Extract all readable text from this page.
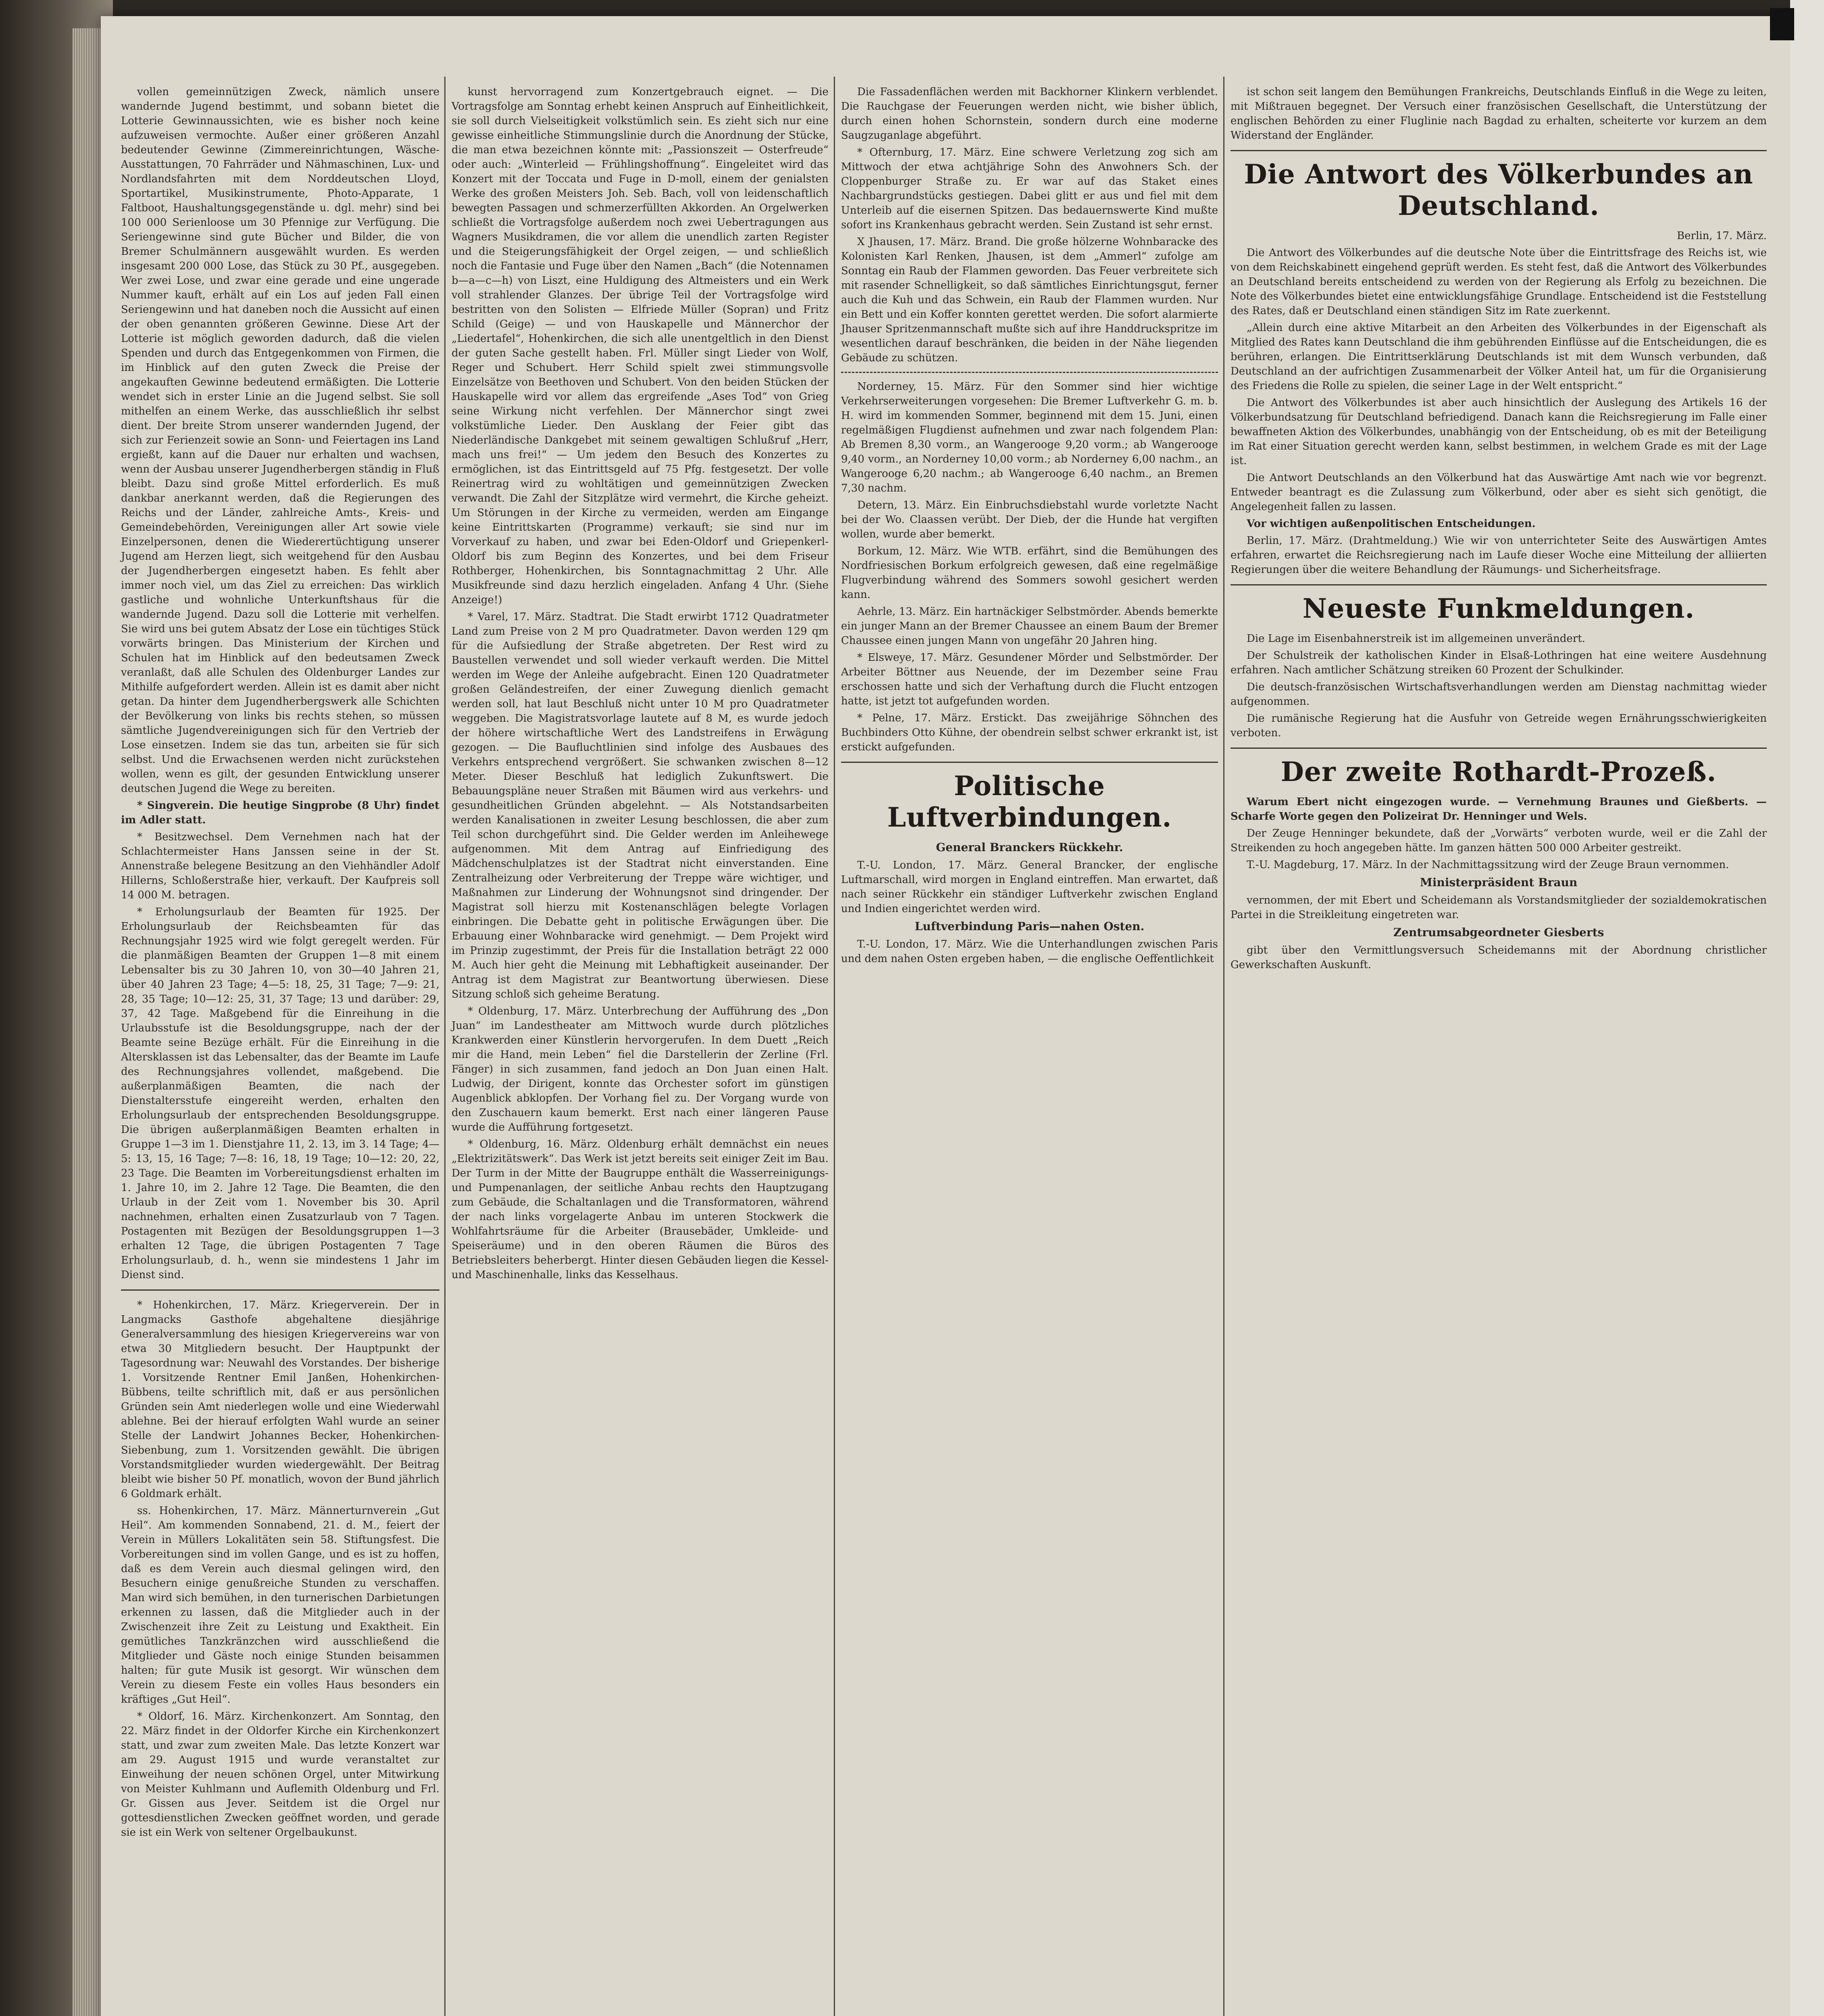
vollen gemeinnützigen Zweck, nämlich unsere wandernde Jugend bestimmt, und sobann bietet die Lotterie Gewinnaussichten, wie es bisher noch keine aufzuweisen vermochte. Außer einer größeren Anzahl bedeutender Gewinne (Zimmereinrichtungen, Wäsche-Ausstattungen, 70 Fahrräder und Nähmaschinen, Lux- und Nordlandsfahrten mit dem Norddeutschen Lloyd, Sportartikel, Musikinstrumente, Photo-Apparate, 1 Faltboot, Haushaltungsgegenstände u. dgl. mehr) sind bei 100 000 Serienloose um 30 Pfennige zur Verfügung. Die Seriengewinne sind gute Bücher und Bilder, die von Bremer Schulmännern ausgewählt wurden. Es werden insgesamt 200 000 Lose, das Stück zu 30 Pf., ausgegeben. Wer zwei Lose, und zwar eine gerade und eine ungerade Nummer kauft, erhält auf ein Los auf jeden Fall einen Seriengewinn und hat daneben noch die Aussicht auf einen der oben genannten größeren Gewinne. Diese Art der Lotterie ist möglich geworden dadurch, daß die vielen Spenden und durch das Entgegenkommen von Firmen, die im Hinblick auf den guten Zweck die Preise der angekauften Gewinne bedeutend ermäßigten. Die Lotterie wendet sich in erster Linie an die Jugend selbst. Sie soll mithelfen an einem Werke, das ausschließlich ihr selbst dient. Der breite Strom unserer wandernden Jugend, der sich zur Ferienzeit sowie an Sonn- und Feiertagen ins Land ergießt, kann auf die Dauer nur erhalten und wachsen, wenn der Ausbau unserer Jugendherbergen ständig in Fluß bleibt. Dazu sind große Mittel erforderlich. Es muß dankbar anerkannt werden, daß die Regierungen des Reichs und der Länder, zahlreiche Amts-, Kreis- und Gemeindebehörden, Vereinigungen aller Art sowie viele Einzelpersonen, denen die Wiederertüchtigung unserer Jugend am Herzen liegt, sich weitgehend für den Ausbau der Jugendherbergen eingesetzt haben. Es fehlt aber immer noch viel, um das Ziel zu erreichen: Das wirklich gastliche und wohnliche Unterkunftshaus für die wandernde Jugend. Dazu soll die Lotterie mit verhelfen. Sie wird uns bei gutem Absatz der Lose ein tüchtiges Stück vorwärts bringen. Das Ministerium der Kirchen und Schulen hat im Hinblick auf den bedeutsamen Zweck veranlaßt, daß alle Schulen des Oldenburger Landes zur Mithilfe aufgefordert werden. Allein ist es damit aber nicht getan. Da hinter dem Jugendherbergswerk alle Schichten der Bevölkerung von links bis rechts stehen, so müssen sämtliche Jugendvereinigungen sich für den Vertrieb der Lose einsetzen. Indem sie das tun, arbeiten sie für sich selbst. Und die Erwachsenen werden nicht zurückstehen wollen, wenn es gilt, der gesunden Entwicklung unserer deutschen Jugend die Wege zu bereiten.

* Singverein. Die heutige Singprobe (8 Uhr) findet im Adler statt.

* Besitzwechsel. Dem Vernehmen nach hat der Schlachtermeister Hans Janssen seine in der St. Annenstraße belegene Besitzung an den Viehhändler Adolf Hillerns, Schloßerstraße hier, verkauft. Der Kaufpreis soll 14 000 M. betragen.

* Erholungsurlaub der Beamten für 1925. Der Erholungsurlaub der Reichsbeamten für das Rechnungsjahr 1925 wird wie folgt geregelt werden. Für die planmäßigen Beamten der Gruppen 1—8 mit einem Lebensalter bis zu 30 Jahren 10, von 30—40 Jahren 21, über 40 Jahren 23 Tage; 4—5: 18, 25, 31 Tage; 7—9: 21, 28, 35 Tage; 10—12: 25, 31, 37 Tage; 13 und darüber: 29, 37, 42 Tage. Maßgebend für die Einreihung in die Urlaubsstufe ist die Besoldungsgruppe, nach der der Beamte seine Bezüge erhält. Für die Einreihung in die Altersklassen ist das Lebensalter, das der Beamte im Laufe des Rechnungsjahres vollendet, maßgebend. Die außerplanmäßigen Beamten, die nach der Dienstaltersstufe eingereiht werden, erhalten den Erholungsurlaub der entsprechenden Besoldungsgruppe. Die übrigen außerplanmäßigen Beamten erhalten in Gruppe 1—3 im 1. Dienstjahre 11, 2. 13, im 3. 14 Tage; 4—5: 13, 15, 16 Tage; 7—8: 16, 18, 19 Tage; 10—12: 20, 22, 23 Tage. Die Beamten im Vorbereitungsdienst erhalten im 1. Jahre 10, im 2. Jahre 12 Tage. Die Beamten, die den Urlaub in der Zeit vom 1. November bis 30. April nachnehmen, erhalten einen Zusatzurlaub von 7 Tagen. Postagenten mit Bezügen der Besoldungsgruppen 1—3 erhalten 12 Tage, die übrigen Postagenten 7 Tage Erholungsurlaub, d. h., wenn sie mindestens 1 Jahr im Dienst sind.

* Hohenkirchen, 17. März. Kriegerverein. Der in Langmacks Gasthofe abgehaltene diesjährige Generalversammlung des hiesigen Kriegervereins war von etwa 30 Mitgliedern besucht. Der Hauptpunkt der Tagesordnung war: Neuwahl des Vorstandes. Der bisherige 1. Vorsitzende Rentner Emil Janßen, Hohenkirchen-Bübbens, teilte schriftlich mit, daß er aus persönlichen Gründen sein Amt niederlegen wolle und eine Wiederwahl ablehne. Bei der hierauf erfolgten Wahl wurde an seiner Stelle der Landwirt Johannes Becker, Hohenkirchen-Siebenbung, zum 1. Vorsitzenden gewählt. Die übrigen Vorstandsmitglieder wurden wiedergewählt. Der Beitrag bleibt wie bisher 50 Pf. monatlich, wovon der Bund jährlich 6 Goldmark erhält.

ss. Hohenkirchen, 17. März. Männerturnverein „Gut Heil“. Am kommenden Sonnabend, 21. d. M., feiert der Verein in Müllers Lokalitäten sein 58. Stiftungsfest. Die Vorbereitungen sind im vollen Gange, und es ist zu hoffen, daß es dem Verein auch diesmal gelingen wird, den Besuchern einige genußreiche Stunden zu verschaffen. Man wird sich bemühen, in den turnerischen Darbietungen erkennen zu lassen, daß die Mitglieder auch in der Zwischenzeit ihre Zeit zu Leistung und Exaktheit. Ein gemütliches Tanzkränzchen wird ausschließend die Mitglieder und Gäste noch einige Stunden beisammen halten; für gute Musik ist gesorgt. Wir wünschen dem Verein zu diesem Feste ein volles Haus besonders ein kräftiges „Gut Heil“.

* Oldorf, 16. März. Kirchenkonzert. Am Sonntag, den 22. März findet in der Oldorfer Kirche ein Kirchenkonzert statt, und zwar zum zweiten Male. Das letzte Konzert war am 29. August 1915 und wurde veranstaltet zur Einweihung der neuen schönen Orgel, unter Mitwirkung von Meister Kuhlmann und Auflemith Oldenburg und Frl. Gr. Gissen aus Jever. Seitdem ist die Orgel nur gottesdienstlichen Zwecken geöffnet worden, und gerade sie ist ein Werk von seltener Orgelbaukunst.

kunst hervorragend zum Konzertgebrauch eignet. — Die Vortragsfolge am Sonntag erhebt keinen Anspruch auf Einheitlichkeit, sie soll durch Vielseitigkeit volkstümlich sein. Es zieht sich nur eine gewisse einheitliche Stimmungslinie durch die Anordnung der Stücke, die man etwa bezeichnen könnte mit: „Passionszeit — Osterfreude“ oder auch: „Winterleid — Frühlingshoffnung“. Eingeleitet wird das Konzert mit der Toccata und Fuge in D-moll, einem der genialsten Werke des großen Meisters Joh. Seb. Bach, voll von leidenschaftlich bewegten Passagen und schmerzerfüllten Akkorden. An Orgelwerken schließt die Vortragsfolge außerdem noch zwei Uebertragungen aus Wagners Musikdramen, die vor allem die unendlich zarten Register und die Steigerungsfähigkeit der Orgel zeigen, — und schließlich noch die Fantasie und Fuge über den Namen „Bach“ (die Notennamen b—a—c—h) von Liszt, eine Huldigung des Altmeisters und ein Werk voll strahlender Glanzes. Der übrige Teil der Vortragsfolge wird bestritten von den Solisten — Elfriede Müller (Sopran) und Fritz Schild (Geige) — und von Hauskapelle und Männerchor der „Liedertafel“, Hohenkirchen, die sich alle unentgeltlich in den Dienst der guten Sache gestellt haben. Frl. Müller singt Lieder von Wolf, Reger und Schubert. Herr Schild spielt zwei stimmungsvolle Einzelsätze von Beethoven und Schubert. Von den beiden Stücken der Hauskapelle wird vor allem das ergreifende „Ases Tod“ von Grieg seine Wirkung nicht verfehlen. Der Männerchor singt zwei volkstümliche Lieder. Den Ausklang der Feier gibt das Niederländische Dankgebet mit seinem gewaltigen Schlußruf „Herr, mach uns frei!“ — Um jedem den Besuch des Konzertes zu ermöglichen, ist das Eintrittsgeld auf 75 Pfg. festgesetzt. Der volle Reinertrag wird zu wohltätigen und gemeinnützigen Zwecken verwandt. Die Zahl der Sitzplätze wird vermehrt, die Kirche geheizt. Um Störungen in der Kirche zu vermeiden, werden am Eingange keine Eintrittskarten (Programme) verkauft; sie sind nur im Vorverkauf zu haben, und zwar bei Eden-Oldorf und Griepenkerl-Oldorf bis zum Beginn des Konzertes, und bei dem Friseur Rothberger, Hohenkirchen, bis Sonntagnachmittag 2 Uhr. Alle Musikfreunde sind dazu herzlich eingeladen. Anfang 4 Uhr. (Siehe Anzeige!)

* Varel, 17. März. Stadtrat. Die Stadt erwirbt 1712 Quadratmeter Land zum Preise von 2 M pro Quadratmeter. Davon werden 129 qm für die Aufsiedlung der Straße abgetreten. Der Rest wird zu Baustellen verwendet und soll wieder verkauft werden. Die Mittel werden im Wege der Anleihe aufgebracht. Einen 120 Quadratmeter großen Geländestreifen, der einer Zuwegung dienlich gemacht werden soll, hat laut Beschluß nicht unter 10 M pro Quadratmeter weggeben. Die Magistratsvorlage lautete auf 8 M, es wurde jedoch der höhere wirtschaftliche Wert des Landstreifens in Erwägung gezogen. — Die Baufluchtlinien sind infolge des Ausbaues des Verkehrs entsprechend vergrößert. Sie schwanken zwischen 8—12 Meter. Dieser Beschluß hat lediglich Zukunftswert. Die Bebauungspläne neuer Straßen mit Bäumen wird aus verkehrs- und gesundheitlichen Gründen abgelehnt. — Als Notstandsarbeiten werden Kanalisationen in zweiter Lesung beschlossen, die aber zum Teil schon durchgeführt sind. Die Gelder werden im Anleihewege aufgenommen. Mit dem Antrag auf Einfriedigung des Mädchenschulplatzes ist der Stadtrat nicht einverstanden. Eine Zentralheizung oder Verbreiterung der Treppe wäre wichtiger, und Maßnahmen zur Linderung der Wohnungsnot sind dringender. Der Magistrat soll hierzu mit Kostenanschlägen belegte Vorlagen einbringen. Die Debatte geht in politische Erwägungen über. Die Erbauung einer Wohnbaracke wird genehmigt. — Dem Projekt wird im Prinzip zugestimmt, der Preis für die Installation beträgt 22 000 M. Auch hier geht die Meinung mit Lebhaftigkeit auseinander. Der Antrag ist dem Magistrat zur Beantwortung überwiesen. Diese Sitzung schloß sich geheime Beratung.

* Oldenburg, 17. März. Unterbrechung der Aufführung des „Don Juan“ im Landestheater am Mittwoch wurde durch plötzliches Krankwerden einer Künstlerin hervorgerufen. In dem Duett „Reich mir die Hand, mein Leben“ fiel die Darstellerin der Zerline (Frl. Fänger) in sich zusammen, fand jedoch an Don Juan einen Halt. Ludwig, der Dirigent, konnte das Orchester sofort im günstigen Augenblick abklopfen. Der Vorhang fiel zu. Der Vorgang wurde von den Zuschauern kaum bemerkt. Erst nach einer längeren Pause wurde die Aufführung fortgesetzt.

* Oldenburg, 16. März. Oldenburg erhält demnächst ein neues „Elektrizitätswerk“. Das Werk ist jetzt bereits seit einiger Zeit im Bau. Der Turm in der Mitte der Baugruppe enthält die Wasserreinigungs- und Pumpenanlagen, der seitliche Anbau rechts den Hauptzugang zum Gebäude, die Schaltanlagen und die Transformatoren, während der nach links vorgelagerte Anbau im unteren Stockwerk die Wohlfahrtsräume für die Arbeiter (Brausebäder, Umkleide- und Speiseräume) und in den oberen Räumen die Büros des Betriebsleiters beherbergt. Hinter diesen Gebäuden liegen die Kessel- und Maschinenhalle, links das Kesselhaus.

Die Fassadenflächen werden mit Backhorner Klinkern verblendet. Die Rauchgase der Feuerungen werden nicht, wie bisher üblich, durch einen hohen Schornstein, sondern durch eine moderne Saugzuganlage abgeführt.

* Ofternburg, 17. März. Eine schwere Verletzung zog sich am Mittwoch der etwa achtjährige Sohn des Anwohners Sch. der Cloppenburger Straße zu. Er war auf das Staket eines Nachbargrundstücks gestiegen. Dabei glitt er aus und fiel mit dem Unterleib auf die eisernen Spitzen. Das bedauernswerte Kind mußte sofort ins Krankenhaus gebracht werden. Sein Zustand ist sehr ernst.

X Jhausen, 17. März. Brand. Die große hölzerne Wohnbaracke des Kolonisten Karl Renken, Jhausen, ist dem „Ammerl“ zufolge am Sonntag ein Raub der Flammen geworden. Das Feuer verbreitete sich mit rasender Schnelligkeit, so daß sämtliches Einrichtungsgut, ferner auch die Kuh und das Schwein, ein Raub der Flammen wurden. Nur ein Bett und ein Koffer konnten gerettet werden. Die sofort alarmierte Jhauser Spritzenmannschaft mußte sich auf ihre Handdruckspritze im wesentlichen darauf beschränken, die beiden in der Nähe liegenden Gebäude zu schützen.

Norderney, 15. März. Für den Sommer sind hier wichtige Verkehrserweiterungen vorgesehen: Die Bremer Luftverkehr G. m. b. H. wird im kommenden Sommer, beginnend mit dem 15. Juni, einen regelmäßigen Flugdienst aufnehmen und zwar nach folgendem Plan: Ab Bremen 8,30 vorm., an Wangerooge 9,20 vorm.; ab Wangerooge 9,40 vorm., an Norderney 10,00 vorm.; ab Norderney 6,00 nachm., an Wangerooge 6,20 nachm.; ab Wangerooge 6,40 nachm., an Bremen 7,30 nachm.

Detern, 13. März. Ein Einbruchsdiebstahl wurde vorletzte Nacht bei der Wo. Claassen verübt. Der Dieb, der die Hunde hat vergiften wollen, wurde aber bemerkt.

Borkum, 12. März. Wie WTB. erfährt, sind die Bemühungen des Nordfriesischen Borkum erfolgreich gewesen, daß eine regelmäßige Flugverbindung während des Sommers sowohl gesichert werden kann.

Aehrle, 13. März. Ein hartnäckiger Selbstmörder. Abends bemerkte ein junger Mann an der Bremer Chaussee an einem Baum der Bremer Chaussee einen jungen Mann von ungefähr 20 Jahren hing.

* Elsweye, 17. März. Gesundener Mörder und Selbstmörder. Der Arbeiter Böttner aus Neuende, der im Dezember seine Frau erschossen hatte und sich der Verhaftung durch die Flucht entzogen hatte, ist jetzt tot aufgefunden worden.

* Pelne, 17. März. Erstickt. Das zweijährige Söhnchen des Buchbinders Otto Kühne, der obendrein selbst schwer erkrankt ist, ist erstickt aufgefunden.

Politische Luftverbindungen.
General Branckers Rückkehr.

T.-U. London, 17. März. General Brancker, der englische Luftmarschall, wird morgen in England eintreffen. Man erwartet, daß nach seiner Rückkehr ein ständiger Luftverkehr zwischen England und Indien eingerichtet werden wird.

Luftverbindung Paris—nahen Osten.

T.-U. London, 17. März. Wie die Unterhandlungen zwischen Paris und dem nahen Osten ergeben haben, — die englische Oeffentlichkeit

ist schon seit langem den Bemühungen Frankreichs, Deutschlands Einfluß in die Wege zu leiten, mit Mißtrauen begegnet. Der Versuch einer französischen Gesellschaft, die Unterstützung der englischen Behörden zu einer Fluglinie nach Bagdad zu erhalten, scheiterte vor kurzem an dem Widerstand der Engländer.

Die Antwort des Völkerbundes an Deutschland.
Berlin, 17. März.

Die Antwort des Völkerbundes auf die deutsche Note über die Eintrittsfrage des Reichs ist, wie von dem Reichskabinett eingehend geprüft werden. Es steht fest, daß die Antwort des Völkerbundes an Deutschland bereits entscheidend zu werden von der Regierung als Erfolg zu bezeichnen. Die Note des Völkerbundes bietet eine entwicklungsfähige Grundlage. Entscheidend ist die Feststellung des Rates, daß er Deutschland einen ständigen Sitz im Rate zuerkennt.

„Allein durch eine aktive Mitarbeit an den Arbeiten des Völkerbundes in der Eigenschaft als Mitglied des Rates kann Deutschland die ihm gebührenden Einflüsse auf die Entscheidungen, die es berühren, erlangen. Die Eintrittserklärung Deutschlands ist mit dem Wunsch verbunden, daß Deutschland an der aufrichtigen Zusammenarbeit der Völker Anteil hat, um für die Organisierung des Friedens die Rolle zu spielen, die seiner Lage in der Welt entspricht.“

Die Antwort des Völkerbundes ist aber auch hinsichtlich der Auslegung des Artikels 16 der Völkerbundsatzung für Deutschland befriedigend. Danach kann die Reichsregierung im Falle einer bewaffneten Aktion des Völkerbundes, unabhängig von der Entscheidung, ob es mit der Beteiligung im Rat einer Situation gerecht werden kann, selbst bestimmen, in welchem Grade es mit der Lage ist.

Die Antwort Deutschlands an den Völkerbund hat das Auswärtige Amt nach wie vor begrenzt. Entweder beantragt es die Zulassung zum Völkerbund, oder aber es sieht sich genötigt, die Angelegenheit fallen zu lassen.

Vor wichtigen außenpolitischen Entscheidungen.

Berlin, 17. März. (Drahtmeldung.) Wie wir von unterrichteter Seite des Auswärtigen Amtes erfahren, erwartet die Reichsregierung nach im Laufe dieser Woche eine Mitteilung der alliierten Regierungen über die weitere Behandlung der Räumungs- und Sicherheitsfrage.

Neueste Funkmeldungen.

Die Lage im Eisenbahnerstreik ist im allgemeinen unverändert.

Der Schulstreik der katholischen Kinder in Elsaß-Lothringen hat eine weitere Ausdehnung erfahren. Nach amtlicher Schätzung streiken 60 Prozent der Schulkinder.

Die deutsch-französischen Wirtschaftsverhandlungen werden am Dienstag nachmittag wieder aufgenommen.

Die rumänische Regierung hat die Ausfuhr von Getreide wegen Ernährungsschwierigkeiten verboten.

Der zweite Rothardt-Prozeß.

Warum Ebert nicht eingezogen wurde. — Vernehmung Braunes und Gießberts. — Scharfe Worte gegen den Polizeirat Dr. Henninger und Wels.

Der Zeuge Henninger bekundete, daß der „Vorwärts“ verboten wurde, weil er die Zahl der Streikenden zu hoch angegeben hätte. Im ganzen hätten 500 000 Arbeiter gestreikt.

T.-U. Magdeburg, 17. März. In der Nachmittagssitzung wird der Zeuge Braun vernommen.

Ministerpräsident Braun

vernommen, der mit Ebert und Scheidemann als Vorstandsmitglieder der sozialdemokratischen Partei in die Streikleitung eingetreten war.

Zentrumsabgeordneter Giesberts

gibt über den Vermittlungsversuch Scheidemanns mit der Abordnung christlicher Gewerkschaften Auskunft.
